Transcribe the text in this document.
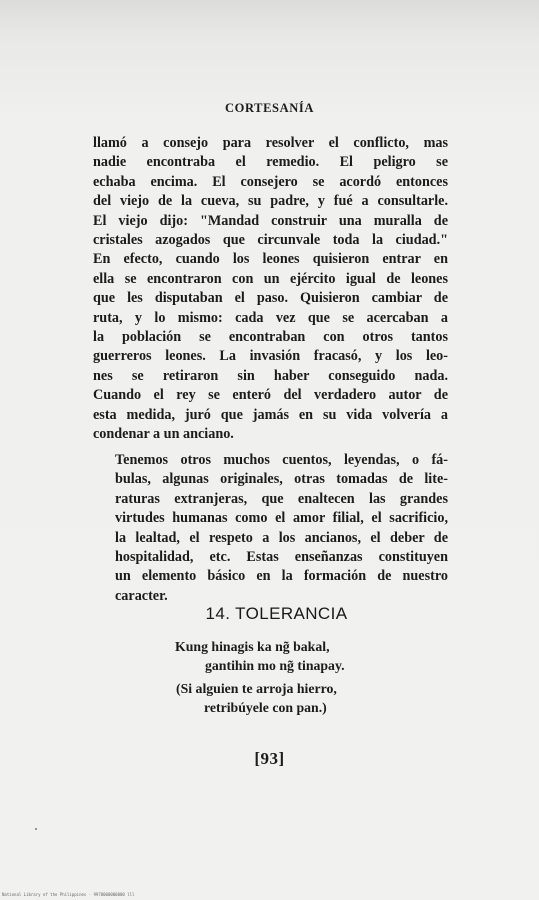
CORTESANÍA
llamó a consejo para resolver el conflicto, mas
nadie encontraba el remedio. El peligro se
echaba encima. El consejero se acordó entonces
del viejo de la cueva, su padre, y fué a consultarle.
El viejo dijo: "Mandad construir una muralla de
cristales azogados que circunvale toda la ciudad."
En efecto, cuando los leones quisieron entrar en
ella se encontraron con un ejército igual de leones
que les disputaban el paso. Quisieron cambiar de
ruta, y lo mismo: cada vez que se acercaban a
la población se encontraban con otros tantos
guerreros leones. La invasión fracasó, y los leo-
nes se retiraron sin haber conseguido nada.
Cuando el rey se enteró del verdadero autor de
esta medida, juró que jamás en su vida volvería a
condenar a un anciano.
Tenemos otros muchos cuentos, leyendas, o fá-
bulas, algunas originales, otras tomadas de lite-
raturas extranjeras, que enaltecen las grandes
virtudes humanas como el amor filial, el sacrificio,
la lealtad, el respeto a los ancianos, el deber de
hospitalidad, etc. Estas enseñanzas constituyen
un elemento básico en la formación de nuestro
caracter.
14. TOLERANCIA
Kung hinagis ka ng̃ bakal,
gantihin mo ng̃ tinapay.
(Si alguien te arroja hierro,
retribúyele con pan.)
[93]
National Library of the Philippines · 9978000000000 lll
